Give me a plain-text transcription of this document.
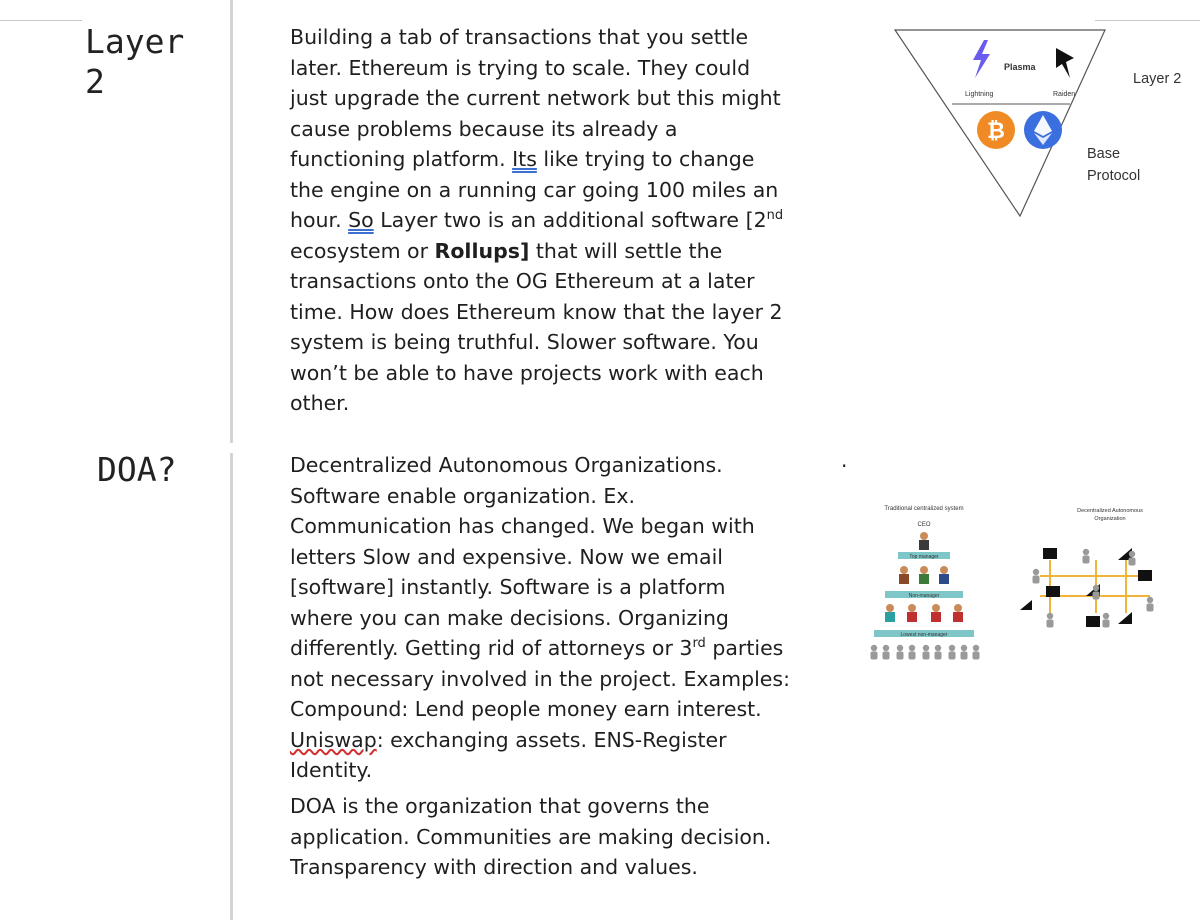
Layer
2

Building a tab of transactions that you settle later. Ethereum is trying to scale. They could just upgrade the current network but this might cause problems because its already a functioning platform. Its like trying to change the engine on a running car going 100 miles an hour. So Layer two is an additional software [2nd ecosystem or Rollups] that will settle the transactions onto the OG Ethereum at a later time. How does Ethereum know that the layer 2 system is being truthful. Slower software. You won’t be able to have projects work with each other.

Plasma
Lightning	Raiden
₿
Layer 2
Base
Protocol
DOA?	Decentralized Autonomous Organizations. Software enable organization. Ex. Communication has changed. We began with letters Slow and expensive. Now we email [software] instantly. Software is a platform where you can make decisions. Organizing differently. Getting rid of attorneys or 3rd parties not necessary involved in the project. Examples: Compound: Lend people money earn interest. Uniswap: exchanging assets. ENS-Register Identity.

DOA is the organization that governs the application. Communities are making decision. Transparency with direction and values.

.
Traditional centralized system
CEO
Top manager
Non-manager
Lowest non-manager
Decentralized Autonomous
Organization
